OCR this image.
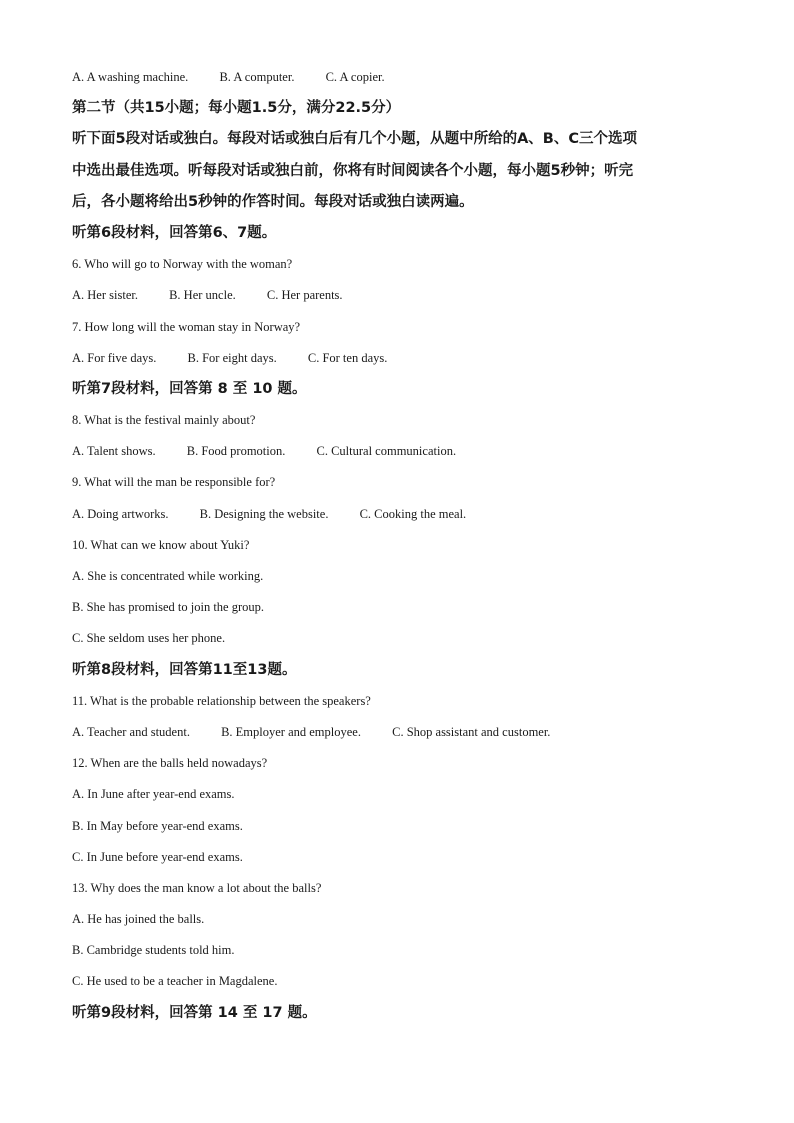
A. A washing machine. B. A computer. C. A copier.
第二节（共15小题；每小题1.5分，满分22.5分）
听下面5段对话或独白。每段对话或独白后有几个小题，从题中所给的A、B、C三个选项
中选出最佳选项。听每段对话或独白前，你将有时间阅读各个小题，每小题5秒钟；听完
后，各小题将给出5秒钟的作答时间。每段对话或独白读两遍。
听第6段材料，回答第6、7题。
6. Who will go to Norway with the woman?
A. Her sister. B. Her uncle. C. Her parents.
7. How long will the woman stay in Norway?
A. For five days. B. For eight days. C. For ten days.
听第7段材料，回答第 8 至 10 题。
8. What is the festival mainly about?
A. Talent shows. B. Food promotion. C. Cultural communication.
9. What will the man be responsible for?
A. Doing artworks. B. Designing the website. C. Cooking the meal.
10. What can we know about Yuki?
A. She is concentrated while working.
B. She has promised to join the group.
C. She seldom uses her phone.
听第8段材料，回答第11至13题。
11. What is the probable relationship between the speakers?
A. Teacher and student. B. Employer and employee. C. Shop assistant and customer.
12. When are the balls held nowadays?
A. In June after year-end exams.
B. In May before year-end exams.
C. In June before year-end exams.
13. Why does the man know a lot about the balls?
A. He has joined the balls.
B. Cambridge students told him.
C. He used to be a teacher in Magdalene.
听第9段材料，回答第 14 至 17 题。
